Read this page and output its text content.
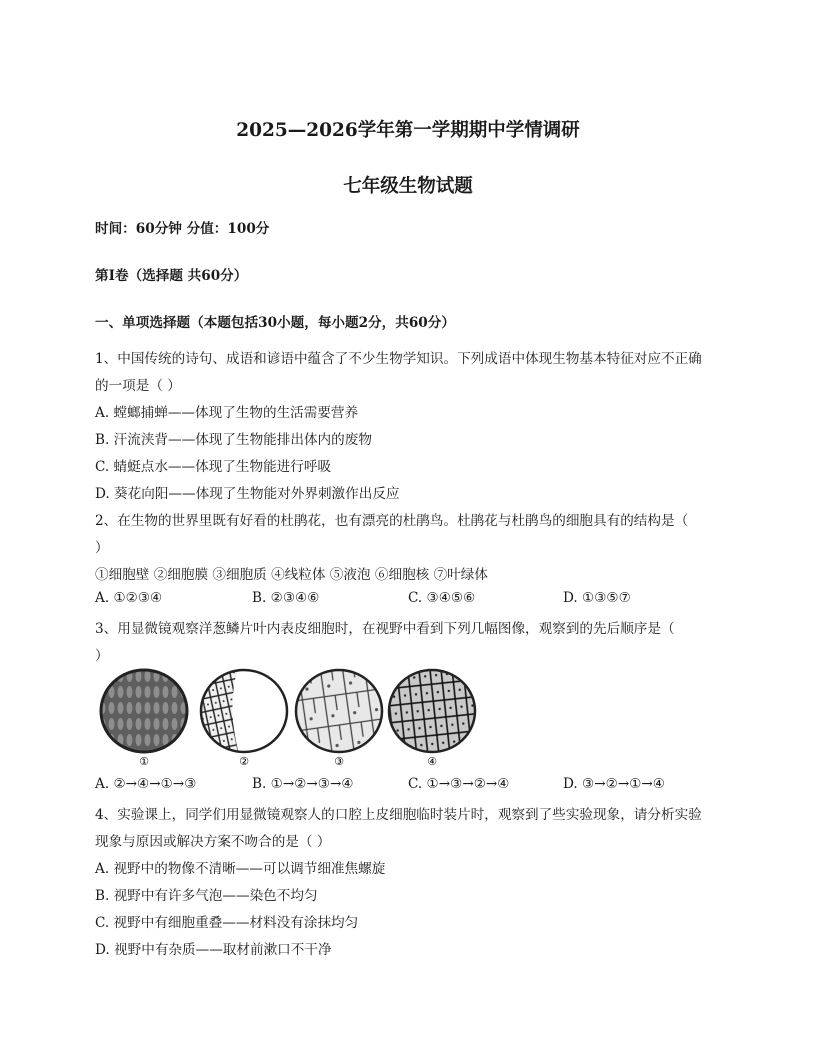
2025—2026学年第一学期期中学情调研
七年级生物试题
时间：60分钟 分值：100分
第Ⅰ卷（选择题 共60分）
一、单项选择题（本题包括30小题，每小题2分，共60分）
1、中国传统的诗句、成语和谚语中蕴含了不少生物学知识。下列成语中体现生物基本特征对应不正确
的一项是（ ）
A. 螳螂捕蝉——体现了生物的生活需要营养
B. 汗流浃背——体现了生物能排出体内的废物
C. 蜻蜓点水——体现了生物能进行呼吸
D. 葵花向阳——体现了生物能对外界刺激作出反应
2、在生物的世界里既有好看的杜鹃花，也有漂亮的杜鹃鸟。杜鹃花与杜鹃鸟的细胞具有的结构是（
）
①细胞壁 ②细胞膜 ③细胞质 ④线粒体 ⑤液泡 ⑥细胞核 ⑦叶绿体
A. ①②③④	B. ②③④⑥	C. ③④⑤⑥	D. ①③⑤⑦
3、用显微镜观察洋葱鳞片叶内表皮细胞时，在视野中看到下列几幅图像，观察到的先后顺序是（
）
①	②	③	④
A. ②→④→①→③	B. ①→②→③→④	C. ①→③→②→④	D. ③→②→①→④
4、实验课上，同学们用显微镜观察人的口腔上皮细胞临时装片时，观察到了些实验现象，请分析实验
现象与原因或解决方案不吻合的是（ ）
A. 视野中的物像不清晰——可以调节细准焦螺旋
B. 视野中有许多气泡——染色不均匀
C. 视野中有细胞重叠——材料没有涂抹均匀
D. 视野中有杂质——取材前漱口不干净
